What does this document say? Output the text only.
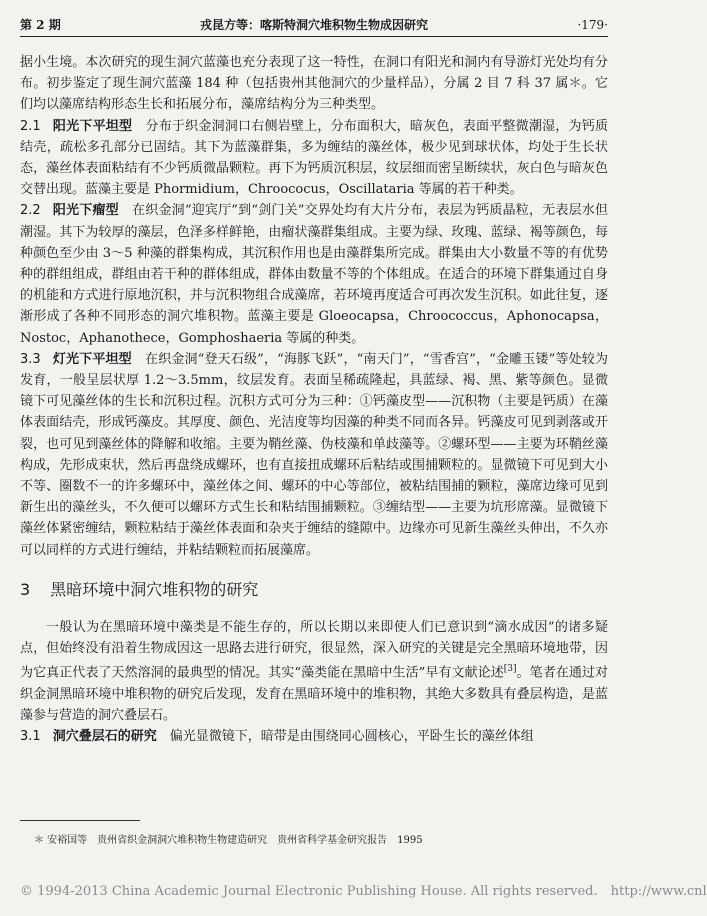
第 2 期	戎昆方等：喀斯特洞穴堆积物生物成因研究	·179·

据小生境。本次研究的现生洞穴蓝藻也充分表现了这一特性，在洞口有阳光和洞内有导游灯光处均有分布。初步鉴定了现生洞穴蓝藻 184 种（包括贵州其他洞穴的少量样品），分属 2 目 7 科 37 属＊。它们均以藻席结构形态生长和拓展分布，藻席结构分为三种类型。

2.1 阳光下平坦型　 分布于织金洞洞口右侧岩壁上，分布面积大，暗灰色，表面平整微潮湿，为钙质结壳，疏松多孔部分已固结。其下为蓝藻群集，多为缠结的藻丝体，极少见到球状体，均处于生长状态，藻丝体表面粘结有不少钙质微晶颗粒。再下为钙质沉积层，纹层细而密呈断续状，灰白色与暗灰色交替出现。蓝藻主要是 Phormidium，Chroococus，Oscillataria 等属的若干种类。

2.2 阳光下瘤型　 在织金洞“迎宾厅”到“剑门关”交界处均有大片分布，表层为钙质晶粒，无表层水但潮湿。其下为较厚的藻层，色泽多样鲜艳，由瘤状藻群集组成。主要为绿、玫瑰、蓝绿、褐等颜色，每种颜色至少由 3～5 种藻的群集构成，其沉积作用也是由藻群集所完成。群集由大小数量不等的有优势种的群组组成，群组由若干种的群体组成，群体由数量不等的个体组成。在适合的环境下群集通过自身的机能和方式进行原地沉积，并与沉积物组合成藻席，若环境再度适合可再次发生沉积。如此往复，逐渐形成了各种不同形态的洞穴堆积物。蓝藻主要是 Gloeocapsa，Chroococcus，Aphonocapsa，Nostoc，Aphanothece，Gomphoshaeria 等属的种类。

3.3 灯光下平坦型　 在织金洞“登天石级”，“海豚飞跃”，“南天门”，“雪香宫”，“金雕玉镂”等处较为发育，一般呈层状厚 1.2～3.5mm，纹层发育。表面呈稀疏隆起，具蓝绿、褐、黑、紫等颜色。显微镜下可见藻丝体的生长和沉积过程。沉积方式可分为三种：①钙藻皮型——沉积物（主要是钙质）在藻体表面结壳，形成钙藻皮。其厚度、颜色、光洁度等均因藻的种类不同而各异。钙藻皮可见到剥落或开裂，也可见到藻丝体的降解和收缩。主要为鞘丝藻、伪枝藻和单歧藻等。②螺环型——主要为环鞘丝藻构成，先形成束状，然后再盘绕成螺环，也有直接扭成螺环后粘结或围捕颗粒的。显微镜下可见到大小不等、圈数不一的许多螺环中，藻丝体之间、螺环的中心等部位，被粘结围捕的颗粒，藻席边缘可见到新生出的藻丝头，不久便可以螺环方式生长和粘结围捕颗粒。③缠结型——主要为坑形席藻。显微镜下藻丝体紧密缠结，颗粒粘结于藻丝体表面和杂夹于缠结的缝隙中。边缘亦可见新生藻丝头伸出，不久亦可以同样的方式进行缠结，并粘结颗粒而拓展藻席。

3 黑暗环境中洞穴堆积物的研究

一般认为在黑暗环境中藻类是不能生存的，所以长期以来即使人们已意识到“滴水成因”的诸多疑点，但始终没有沿着生物成因这一思路去进行研究，很显然，深入研究的关键是完全黑暗环境地带，因为它真正代表了天然溶洞的最典型的情况。其实“藻类能在黑暗中生活”早有文献论述[3]。笔者在通过对织金洞黑暗环境中堆积物的研究后发现，发育在黑暗环境中的堆积物，其绝大多数具有叠层构造，是蓝藻参与营造的洞穴叠层石。

3.1 洞穴叠层石的研究　 偏光显微镜下，暗带是由围绕同心圆核心，平卧生长的藻丝体组

＊ 安裕国等　贵州省织金洞洞穴堆积物生物建造研究　贵州省科学基金研究报告　1995
© 1994-2013 China Academic Journal Electronic Publishing House. All rights reserved.　http://www.cnl
